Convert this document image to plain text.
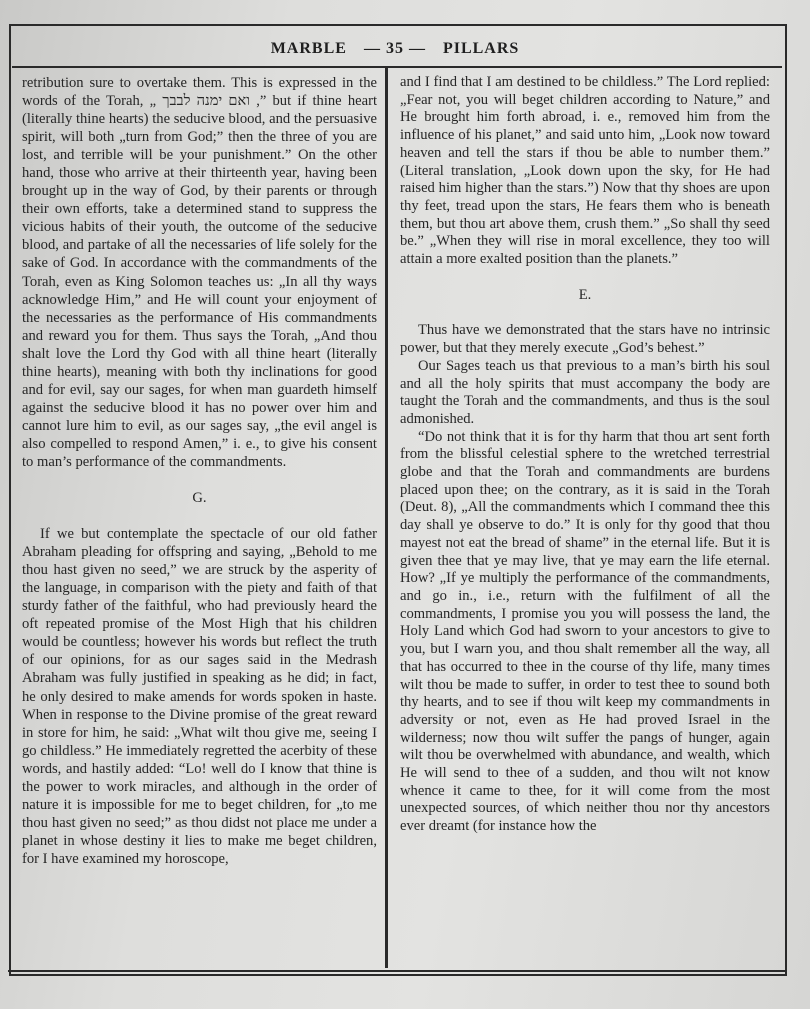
MARBLE — 35 — PILLARS

retribution sure to overtake them. This is expressed in the words of the Torah, „ ואם ימנה לבבך ,” but if thine heart (literally thine hearts) the seducive blood, and the persuasive spirit, will both „turn from God;” then the three of you are lost, and terrible will be your punishment.” On the other hand, those who arrive at their thirteenth year, having been brought up in the way of God, by their parents or through their own efforts, take a determined stand to suppress the vicious habits of their youth, the outcome of the seducive blood, and partake of all the necessaries of life solely for the sake of God. In accordance with the commandments of the Torah, even as King Solomon teaches us: „In all thy ways acknowledge Him,” and He will count your enjoyment of the necessaries as the performance of His commandments and reward you for them. Thus says the Torah, „And thou shalt love the Lord thy God with all thine heart (literally thine hearts), meaning with both thy inclinations for good and for evil, say our sages, for when man guardeth himself against the seducive blood it has no power over him and cannot lure him to evil, as our sages say, „the evil angel is also compelled to respond Amen,” i. e., to give his consent to man’s performance of the commandments.

G.

If we but contemplate the spectacle of our old father Abraham pleading for offspring and saying, „Behold to me thou hast given no seed,” we are struck by the asperity of the language, in comparison with the piety and faith of that sturdy father of the faithful, who had previously heard the oft repeated promise of the Most High that his children would be countless; however his words but reflect the truth of our opinions, for as our sages said in the Medrash Abraham was fully justified in speaking as he did; in fact, he only desired to make amends for words spoken in haste. When in response to the Divine promise of the great reward in store for him, he said: „What wilt thou give me, seeing I go childless.” He immediately regretted the acerbity of these words, and hastily added: “Lo! well do I know that thine is the power to work miracles, and although in the order of nature it is impossible for me to beget children, for „to me thou hast given no seed;” as thou didst not place me under a planet in whose destiny it lies to make me beget children, for I have examined my horoscope,

and I find that I am destined to be childless.” The Lord replied: „Fear not, you will beget children according to Nature,” and He brought him forth abroad, i. e., removed him from the influence of his planet,” and said unto him, „Look now toward heaven and tell the stars if thou be able to number them.” (Literal translation, „Look down upon the sky, for He had raised him higher than the stars.”) Now that thy shoes are upon thy feet, tread upon the stars, He fears them who is beneath them, but thou art above them, crush them.” „So shall thy seed be.” „When they will rise in moral excellence, they too will attain a more exalted position than the planets.”

E.

Thus have we demonstrated that the stars have no intrinsic power, but that they merely execute „God’s behest.”

Our Sages teach us that previous to a man’s birth his soul and all the holy spirits that must accompany the body are taught the Torah and the commandments, and thus is the soul admonished.

“Do not think that it is for thy harm that thou art sent forth from the blissful celestial sphere to the wretched terrestrial globe and that the Torah and commandments are burdens placed upon thee; on the contrary, as it is said in the Torah (Deut. 8), „All the commandments which I command thee this day shall ye observe to do.” It is only for thy good that thou mayest not eat the bread of shame” in the eternal life. But it is given thee that ye may live, that ye may earn the life eternal. How? „If ye multiply the performance of the commandments, and go in., i.e., return with the fulfilment of all the commandments, I promise you you will possess the land, the Holy Land which God had sworn to your ancestors to give to you, but I warn you, and thou shalt remember all the way, all that has occurred to thee in the course of thy life, many times wilt thou be made to suffer, in order to test thee to sound both thy hearts, and to see if thou wilt keep my commandments in adversity or not, even as He had proved Israel in the wilderness; now thou wilt suffer the pangs of hunger, again wilt thou be overwhelmed with abundance, and wealth, which He will send to thee of a sudden, and thou wilt not know whence it came to thee, for it will come from the most unexpected sources, of which neither thou nor thy ancestors ever dreamt (for instance how the
